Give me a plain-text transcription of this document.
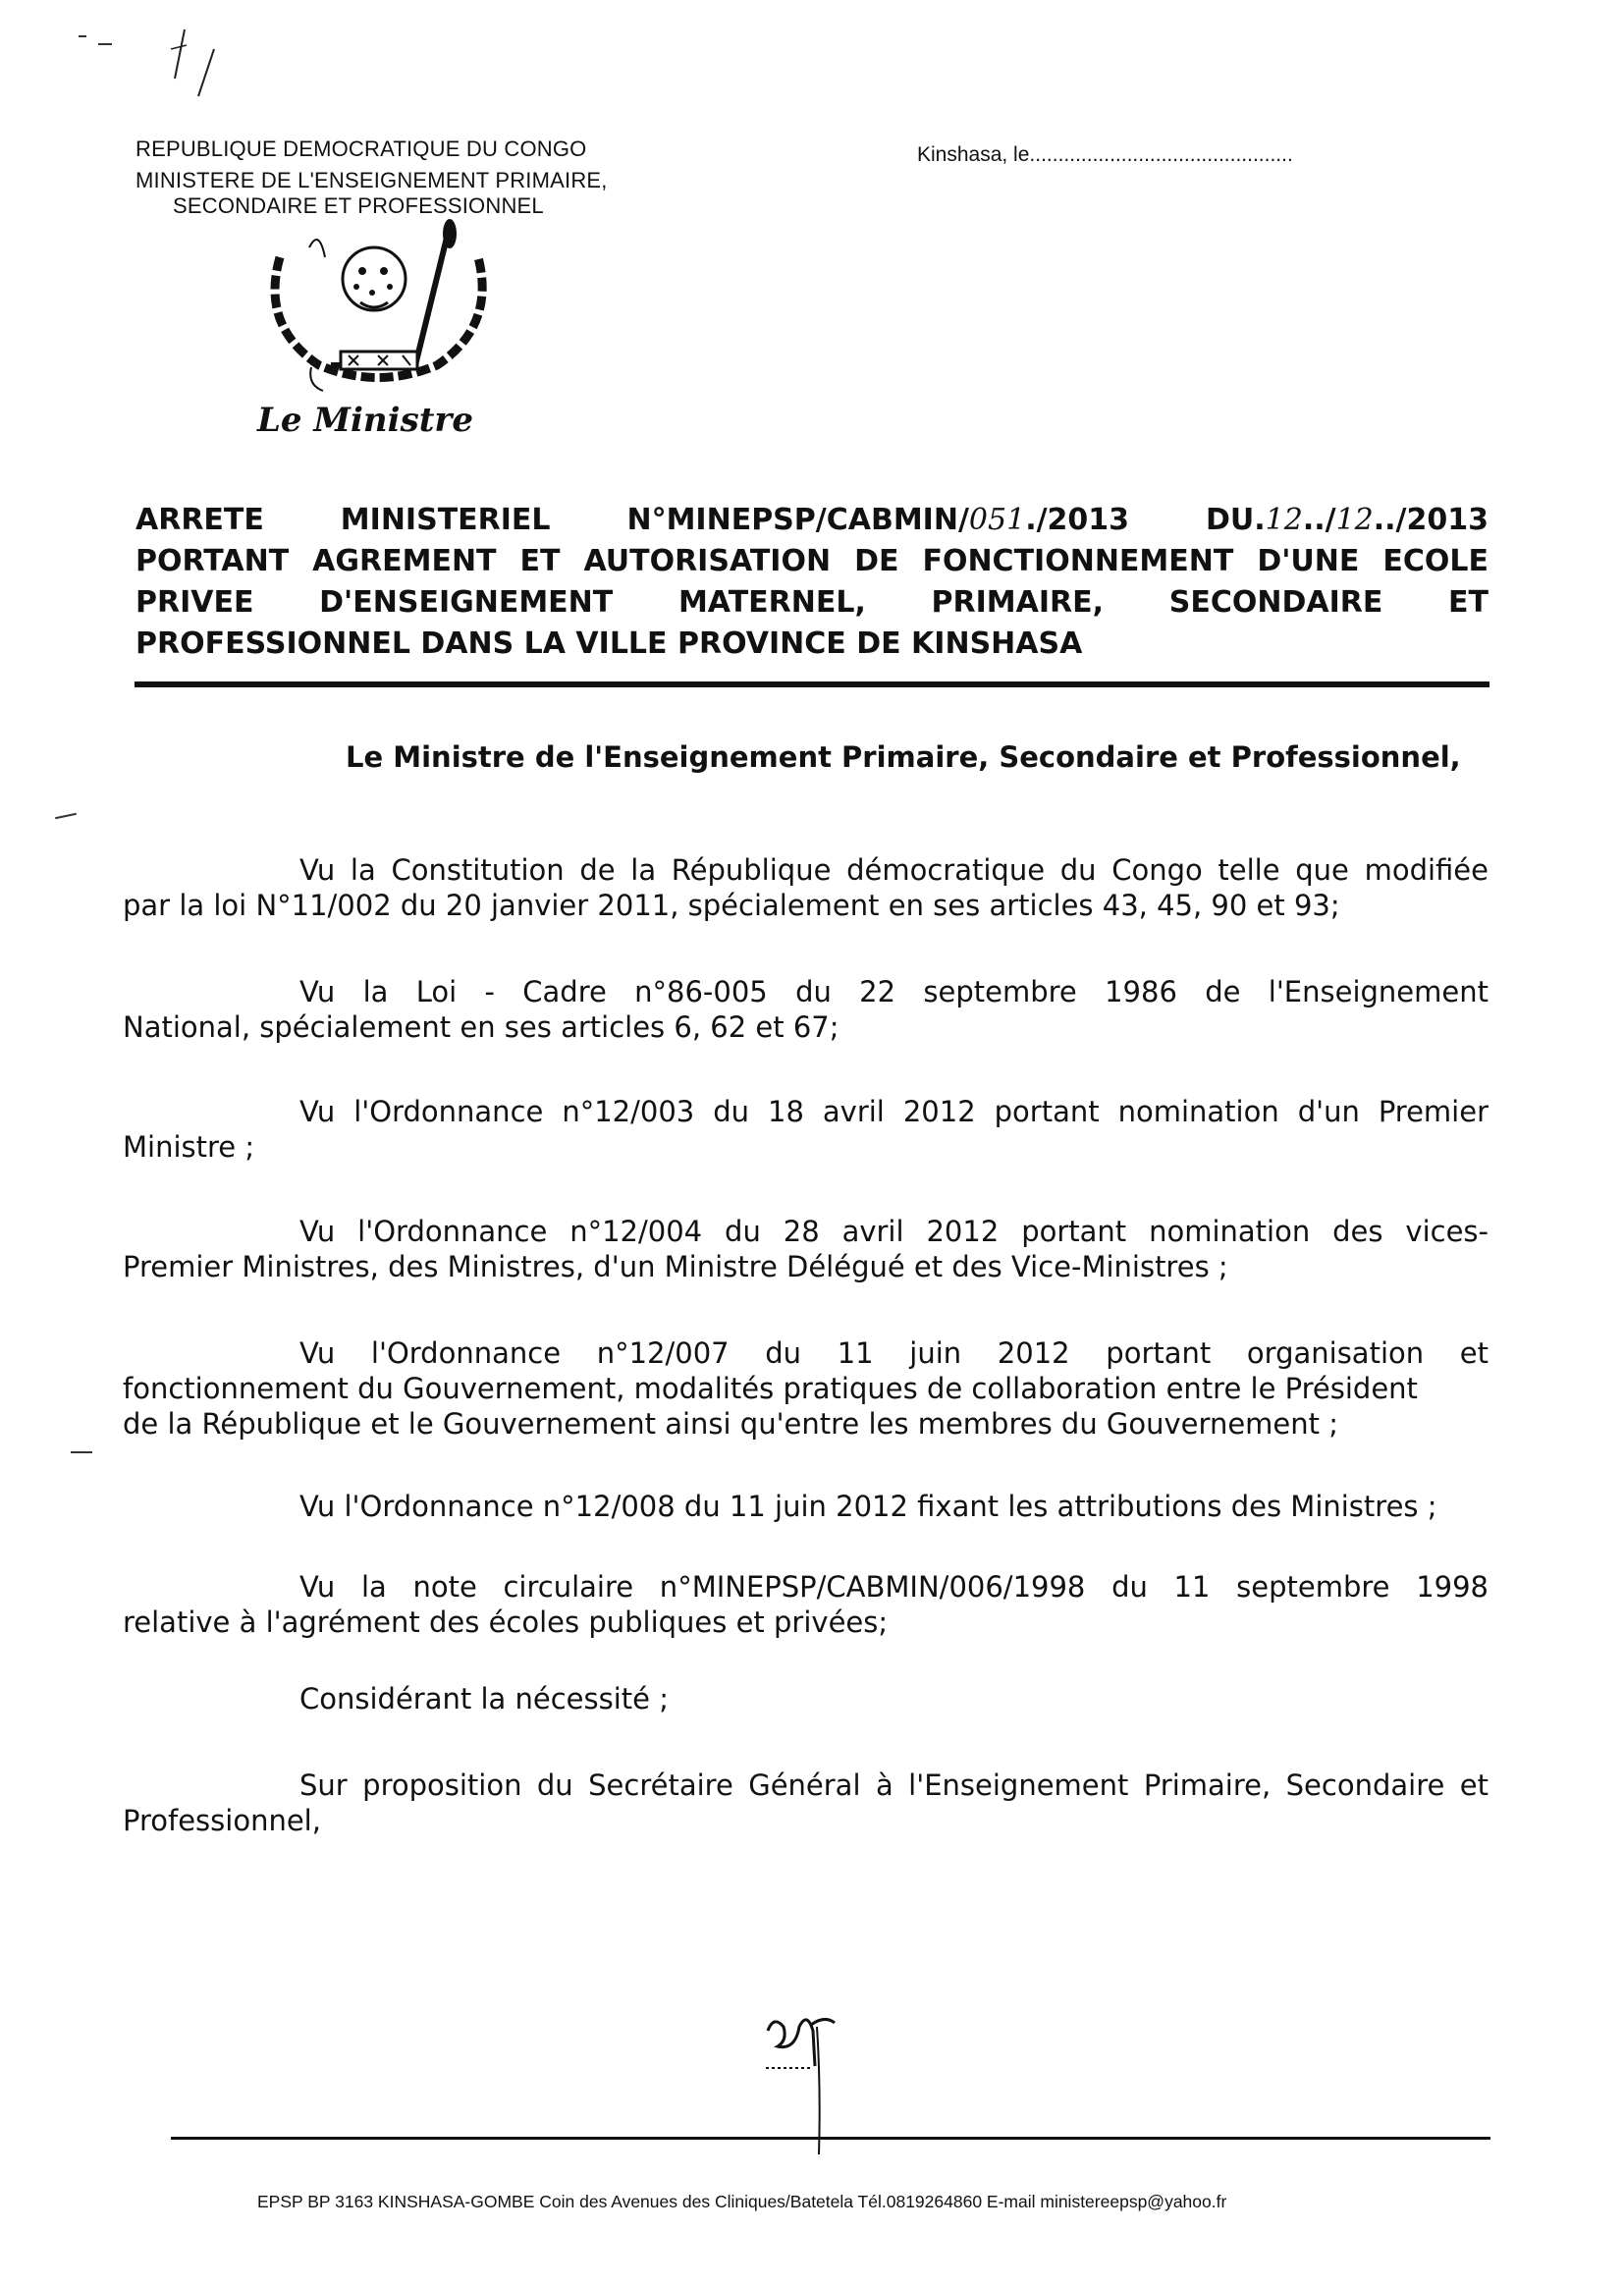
REPUBLIQUE DEMOCRATIQUE DU CONGO
MINISTERE DE L'ENSEIGNEMENT PRIMAIRE,
SECONDAIRE ET PROFESSIONNEL
Kinshasa, le..............................................
Le Ministre
ARRETE MINISTERIEL N°MINEPSP/CABMIN/051./2013 DU.12../12../2013
PORTANT AGREMENT ET AUTORISATION DE FONCTIONNEMENT D'UNE ECOLE
PRIVEE D'ENSEIGNEMENT MATERNEL, PRIMAIRE, SECONDAIRE ET
PROFESSIONNEL DANS LA VILLE PROVINCE DE KINSHASA
Le Ministre de l'Enseignement Primaire, Secondaire et Professionnel,
Vu la Constitution de la République démocratique du Congo telle que modifiée
par la loi N°11/002 du 20 janvier 2011, spécialement en ses articles 43, 45, 90 et 93;
Vu la Loi - Cadre n°86-005 du 22 septembre 1986 de l'Enseignement
National, spécialement en ses articles 6, 62 et 67;
Vu l'Ordonnance n°12/003 du 18 avril 2012 portant nomination d'un Premier
Ministre ;
Vu l'Ordonnance n°12/004 du 28 avril 2012 portant nomination des vices-
Premier Ministres, des Ministres, d'un Ministre Délégué et des Vice-Ministres ;
Vu l'Ordonnance n°12/007 du 11 juin 2012 portant organisation et
fonctionnement du Gouvernement, modalités pratiques de collaboration entre le Président
de la République et le Gouvernement ainsi qu'entre les membres du Gouvernement ;
Vu l'Ordonnance n°12/008 du 11 juin 2012 fixant les attributions des Ministres ;
Vu la note circulaire n°MINEPSP/CABMIN/006/1998 du 11 septembre 1998
relative à l'agrément des écoles publiques et privées;
Considérant la nécessité ;
Sur proposition du Secrétaire Général à l'Enseignement Primaire, Secondaire et
Professionnel,
EPSP BP 3163 KINSHASA-GOMBE Coin des Avenues des Cliniques/Batetela Tél.0819264860 E-mail ministereepsp@yahoo.fr
